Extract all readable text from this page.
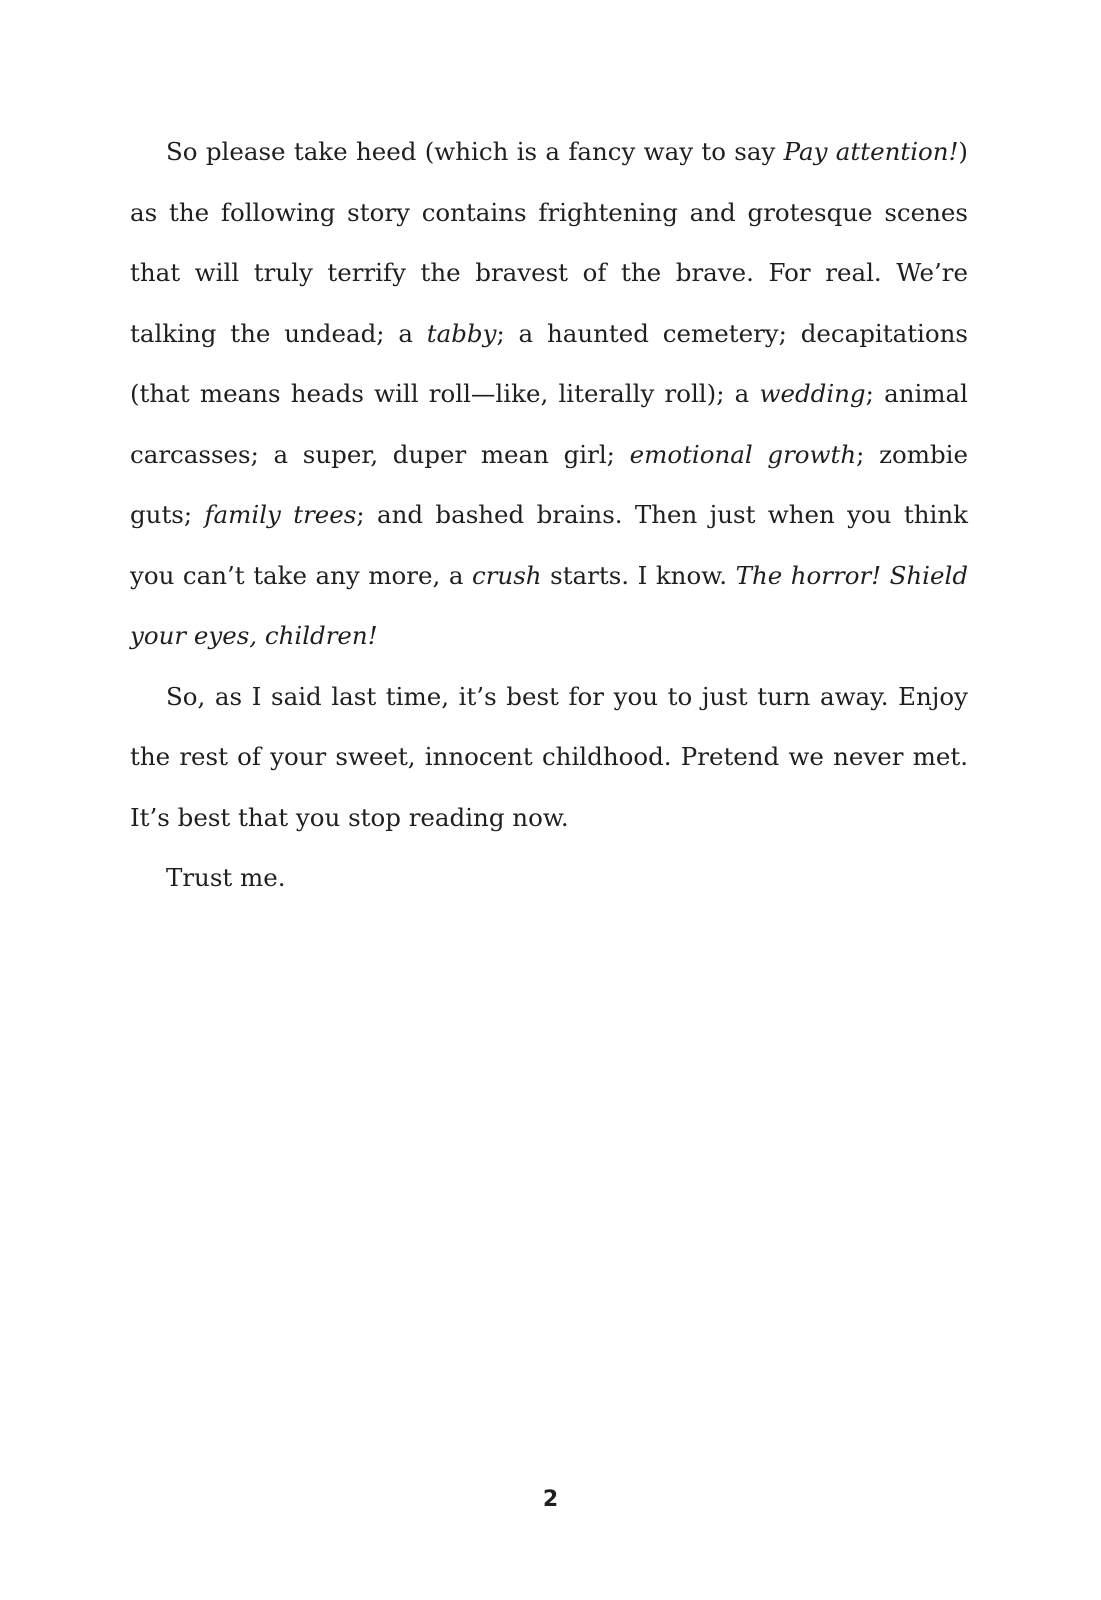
So please take heed (which is a fancy way to say Pay attention!) as the following story contains frightening and grotesque scenes that will truly terrify the bravest of the brave. For real. We’re talking the undead; a tabby; a haunted cemetery; decapitations (that means heads will roll—like, literally roll); a wedding; animal carcasses; a super, duper mean girl; emotional growth; zombie guts; family trees; and bashed brains. Then just when you think you can’t take any more, a crush starts. I know. The horror! Shield your eyes, children!

So, as I said last time, it’s best for you to just turn away. Enjoy the rest of your sweet, innocent childhood. Pretend we never met. It’s best that you stop reading now.

Trust me.

2
